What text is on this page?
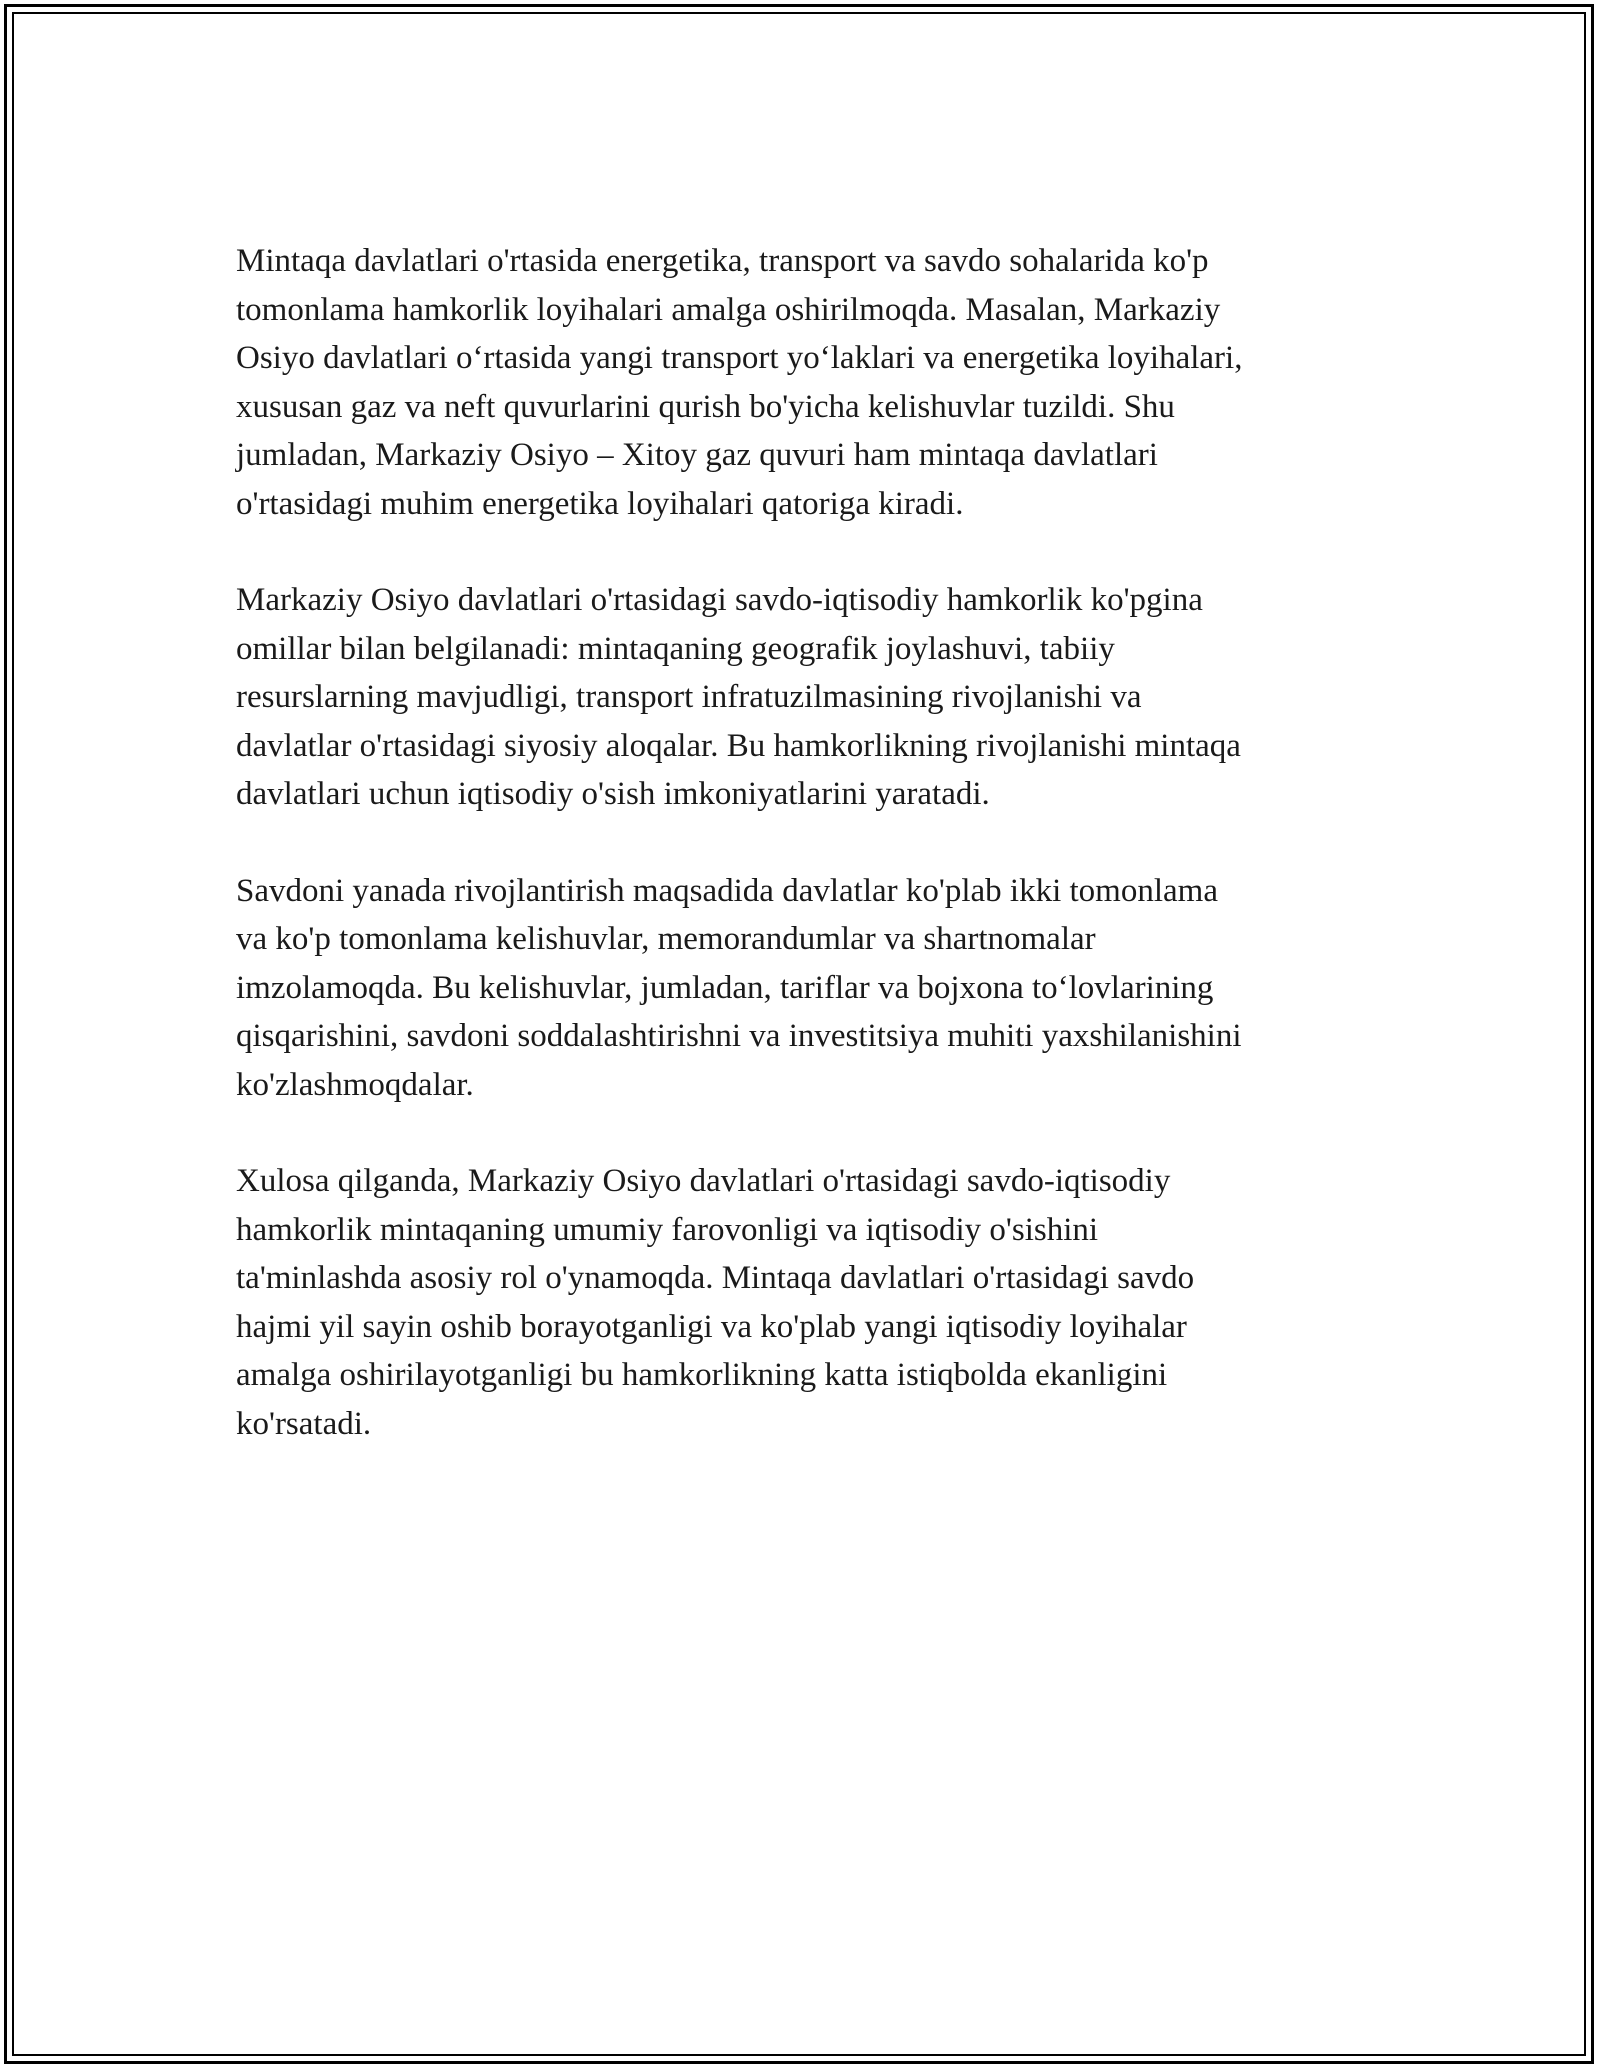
Mintaqa davlatlari o'rtasida energetika, transport va savdo sohalarida ko'p
tomonlama hamkorlik loyihalari amalga oshirilmoqda. Masalan, Markaziy
Osiyo davlatlari o‘rtasida yangi transport yo‘laklari va energetika loyihalari,
xususan gaz va neft quvurlarini qurish bo'yicha kelishuvlar tuzildi. Shu
jumladan, Markaziy Osiyo – Xitoy gaz quvuri ham mintaqa davlatlari
o'rtasidagi muhim energetika loyihalari qatoriga kiradi.

Markaziy Osiyo davlatlari o'rtasidagi savdo-iqtisodiy hamkorlik ko'pgina
omillar bilan belgilanadi: mintaqaning geografik joylashuvi, tabiiy
resurslarning mavjudligi, transport infratuzilmasining rivojlanishi va
davlatlar o'rtasidagi siyosiy aloqalar. Bu hamkorlikning rivojlanishi mintaqa
davlatlari uchun iqtisodiy o'sish imkoniyatlarini yaratadi.

Savdoni yanada rivojlantirish maqsadida davlatlar ko'plab ikki tomonlama
va ko'p tomonlama kelishuvlar, memorandumlar va shartnomalar
imzolamoqda. Bu kelishuvlar, jumladan, tariflar va bojxona to‘lovlarining
qisqarishini, savdoni soddalashtirishni va investitsiya muhiti yaxshilanishini
ko'zlashmoqdalar.

Xulosa qilganda, Markaziy Osiyo davlatlari o'rtasidagi savdo-iqtisodiy
hamkorlik mintaqaning umumiy farovonligi va iqtisodiy o'sishini
ta'minlashda asosiy rol o'ynamoqda. Mintaqa davlatlari o'rtasidagi savdo
hajmi yil sayin oshib borayotganligi va ko'plab yangi iqtisodiy loyihalar
amalga oshirilayotganligi bu hamkorlikning katta istiqbolda ekanligini
ko'rsatadi.
